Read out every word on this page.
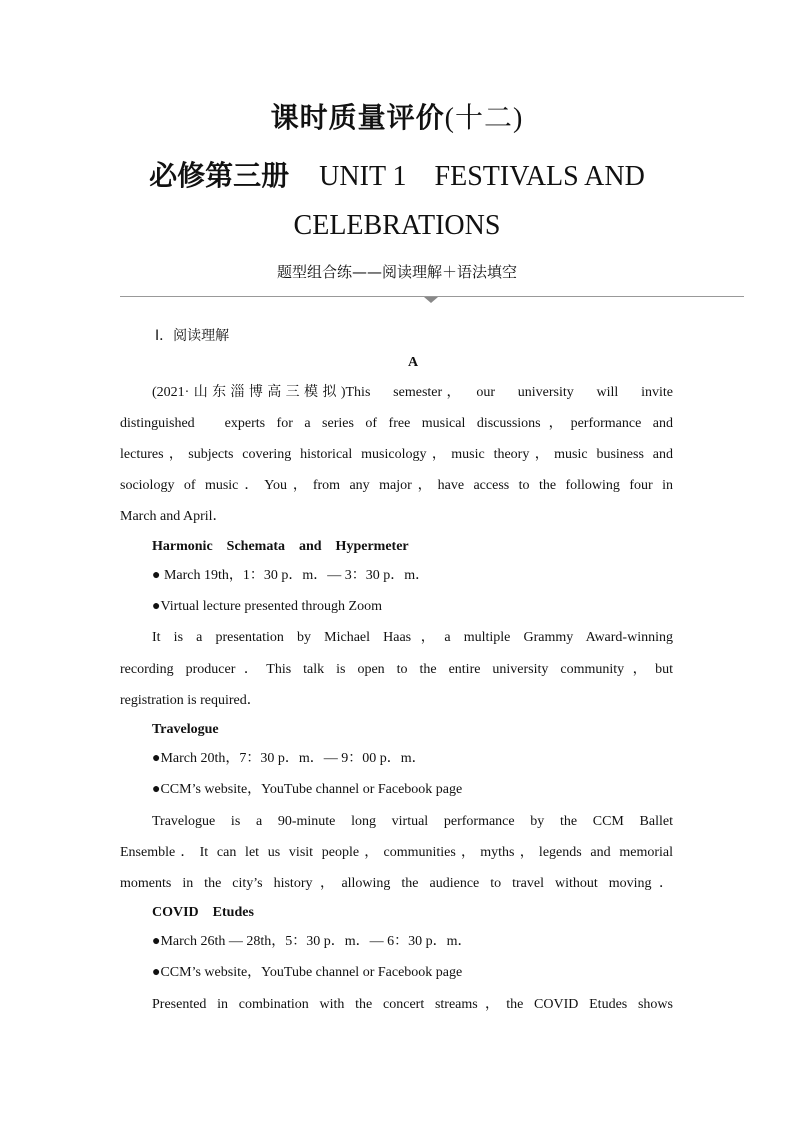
课时质量评价(十二)
必修第三册 UNIT 1　FESTIVALS AND
CELEBRATIONS
题型组合练——阅读理解＋语法填空
Ⅰ．阅读理解
A
(2021·山东淄博高三模拟)This　semester，　our　university　will　invite
distinguished　experts for a series of free musical discussions，performance and
lectures，subjects covering historical musicology，music theory，music business and
sociology of music．You，from any major，have access to the following four in
March and April．
Harmonic　Schemata　and　Hypermeter
● March 19th，1：30 p．m．— 3：30 p．m．
●Virtual lecture presented through Zoom
It is a presentation by Michael Haas，a multiple Grammy Award-winning
recording producer．This talk is open to the entire university community，but
registration is required．
Travelogue
●March 20th，7：30 p．m．— 9：00 p．m．
●CCM’s website，YouTube channel or Facebook page
Travelogue is a 90-minute long virtual performance by the CCM Ballet
Ensemble．It can let us visit people，communities，myths，legends and memorial
moments in the city’s history，allowing the audience to travel without moving．
COVID　Etudes
●March 26th — 28th，5：30 p．m．— 6：30 p．m．
●CCM’s website，YouTube channel or Facebook page
Presented in combination with the concert streams，the COVID Etudes shows
